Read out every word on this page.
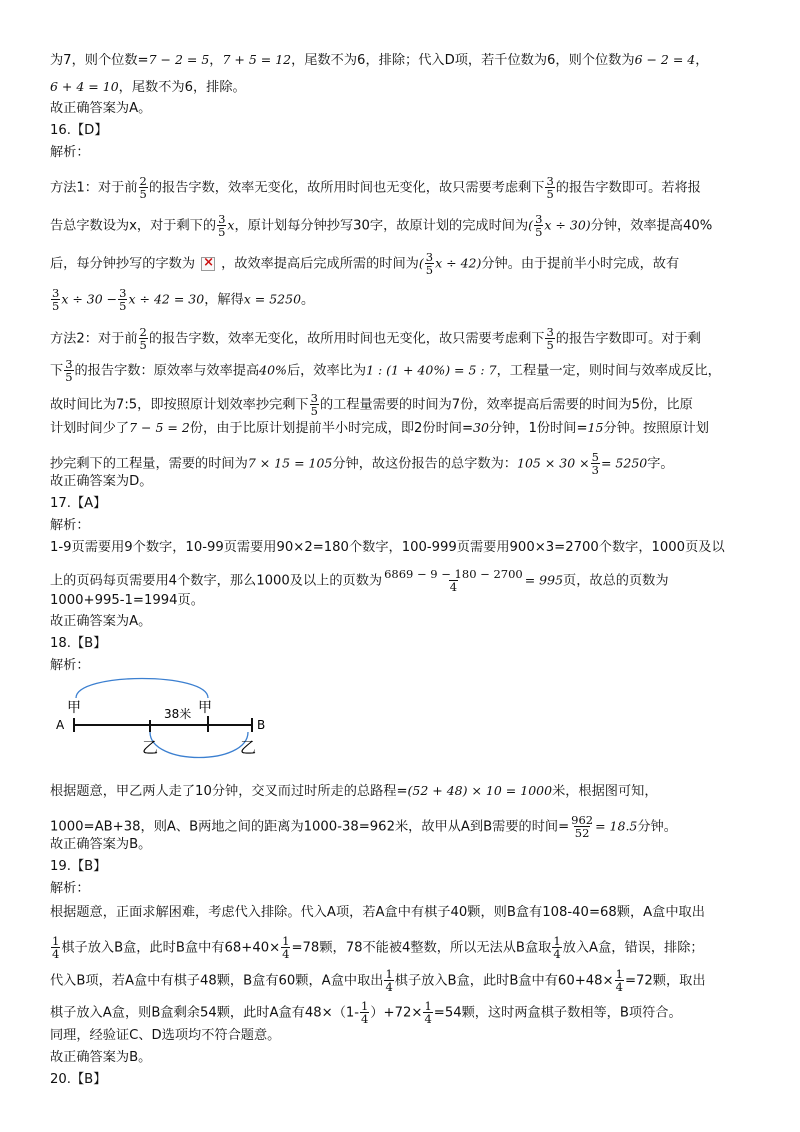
为7，则个位数=7 − 2 = 5，7 + 5 = 12，尾数不为6，排除；代入D项，若千位数为6，则个位数为6 − 2 = 4，
6 + 4 = 10，尾数不为6，排除。
故正确答案为A。
16.【D】
解析：
方法1：对于前 $\frac{2}{5}$ 的报告字数，效率无变化，故所用时间也无变化，故只需要考虑剩下 $\frac{3}{5}$ 的报告字数即可。若将报
告总字数设为x，对于剩下的 $\frac{3}{5}$ x，原计划每分钟抄写30字，故原计划的完成时间为( $\frac{3}{5}$ x ÷ 30)分钟，效率提高40%
后，每分钟抄写的字数为× ，故效率提高后完成所需的时间为( $\frac{3}{5}$ x ÷ 42)分钟。由于提前半小时完成，故有
$\frac{3}{5}$ $x \div 30 - \frac{3}{5}$ x ÷ 42 = 30，解得x = 5250。
方法2：对于前 $\frac{2}{5}$ 的报告字数，效率无变化，故所用时间也无变化，故只需要考虑剩下 $\frac{3}{5}$ 的报告字数即可。对于剩
下 $\frac{3}{5}$ 的报告字数：原效率与效率提高40%后，效率比为1 : (1 + 40%) = 5 : 7，工程量一定，则时间与效率成反比，
故时间比为7:5，即按照原计划效率抄完剩下 $\frac{3}{5}$ 的工程量需要的时间为7份，效率提高后需要的时间为5份，比原
计划时间少了7 − 5 = 2份，由于比原计划提前半小时完成，即2份时间=30分钟，1份时间=15分钟。按照原计划
抄完剩下的工程量，需要的时间为7 × 15 = 105分钟，故这份报告的总字数为：$105 \times 30 \times \frac{5}{3} = 5250$字。
故正确答案为D。
17.【A】
解析：
1-9页需要用9个数字，10-99页需要用90×2=180个数字，100-999页需要用900×3=2700个数字，1000页及以
上的页码每页需要用4个数字，那么1000及以上的页数为 $\frac{6869 - 9 - 180 - 2700}{4} = 995$页，故总的页数为
1000+995-1=1994页。
故正确答案为A。
18.【B】
解析：
A	B
甲	甲
38米
乙	乙
根据题意，甲乙两人走了10分钟，交叉而过时所走的总路程=(52 + 48) × 10 = 1000米，根据图可知，
1000=AB+38，则A、B两地之间的距离为1000-38=962米，故甲从A到B需要的时间= $\frac{962}{52} = 18.5$分钟。
故正确答案为B。
19.【B】
解析：
根据题意，正面求解困难，考虑代入排除。代入A项，若A盒中有棋子40颗，则B盒有108-40=68颗，A盒中取出
$\frac{1}{4}$ 棋子放入B盒，此时B盒中有$68+40\times \frac{1}{4} =78$颗，78不能被4整数，所以无法从B盒取 $\frac{1}{4}$ 放入A盒，错误，排除；
代入B项，若A盒中有棋子48颗，B盒有60颗，A盒中取出 $\frac{1}{4}$ 棋子放入B盒，此时B盒中有$60+48\times \frac{1}{4} =72$颗，取出
棋子放入A盒，则B盒剩余54颗，此时A盒有$48\times(1- \frac{1}{4} )+72\times \frac{1}{4} =54$颗，这时两盒棋子数相等，B项符合。
同理，经验证C、D选项均不符合题意。
故正确答案为B。
20.【B】
